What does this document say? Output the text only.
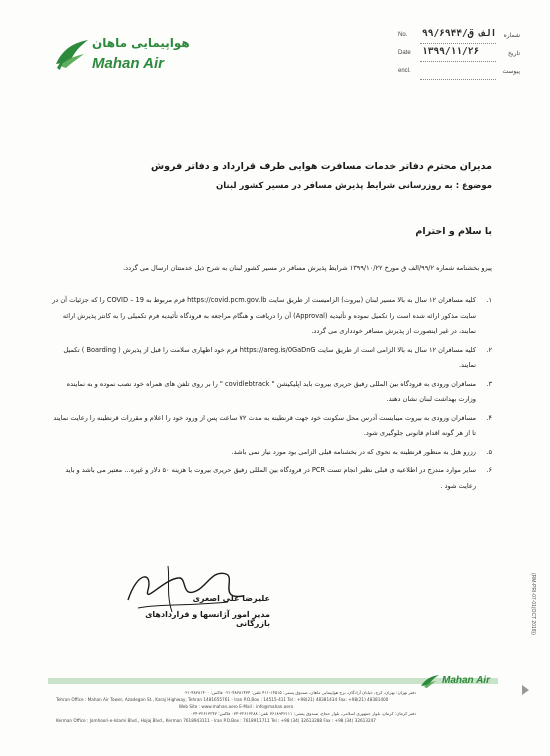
هواپیمایی ماهان
Mahan Air
No. ۹۹/۶۹۴۴/الف ق شماره
Date ۱۳۹۹/۱۱/۲۶	تاریخ
encl.	پیوست
مدیران محترم دفاتر خدمات مسافرت هوایی طرف قرارداد و دفاتر فروش
موضوع : به روزرسانی شرایط پذیرش مسافر در مسیر کشور لبنان
با سلام و احترام
پیرو بخشنامه شماره ۹۹/۲/الف ق مورخ ۱۳۹۹/۱۰/۲۲ شرایط پذیرش مسافر در مسیر کشور لبنان به شرح ذیل خدمتتان ارسال می گردد.
۱.
کلیه مسافران ۱۲ سال به بالا مسیر لبنان (بیروت) الزامیست از طریق سایت https://covid.pcm.gov.lb فرم مربوط به COVID – 19 را که جزئیات آن در سایت مذکور ارائه شده است را تکمیل نموده و تأئیدیه (Approval) آن را دریافت و هنگام مراجعه به فرودگاه تأئیدیه فرم تکمیلی را به کانتر پذیرش ارائه نمایند، در غیر اینصورت از پذیرش مسافر خودداری می گردد.
۲.
کلیه مسافران ۱۲ سال به بالا الزامی است از طریق سایت https://areg.is/0GaDnG فرم خود اظهاری سلامت را قبل از پذیرش ( Boarding ) تکمیل نمایند.
۳.
مسافران ورودی به فرودگاه بین المللی رفیق حریری بیروت باید اپلیکیشن " covidlebtrack " را بر روی تلفن های همراه خود نصب نموده و به نماینده وزارت بهداشت لبنان نشان دهند.
۴.
مسافران ورودی به بیروت میبایست آدرس محل سکونت خود جهت قرنطینه به مدت ۷۲ ساعت پس از ورود خود را اعلام و مقررات قرنطینه را رعایت نمایند تا از هر گونه اقدام قانونی جلوگیری شود.
۵.
رزرو هتل به منظور قرنطینه به نحوی که در بخشنامه قبلی الزامی بود مورد نیاز نمی باشد.
۶.
سایر موارد مندرج در اطلاعیه ی قبلی نظیر انجام تست PCR در فرودگاه بین المللی رفیق حریری بیروت با هزینه ۵۰ دلار و غیره... معتبر می باشد و باید رعایت شود .
علیرضا علی اصغری
مدیر امور آژانسها و قراردادهای بازرگانی	(RM-PRI-07-01(OCT 2018))
Mahan Air
دفتر تهران: تهران، کرج، خیابان آزادگان، برج هواپیمایی ماهان، صندوق پستی: ۱۴۵۱۵-۴۱۱ تلفن: ۴۸۳۸۱۴۳۴-۰۲۱ فاکس: ۴۸۳۸۱۴۰۰-۰۲۱
Tehran Office : Mahan Air Tower, Azadegan St., Karaj Highway, Tehran 1481655761 - Iran P.O.Box : 14515-411 Tel : +98(21) 48381434 Fax: +98(21) 48381400
Web Site : www.mahan.aero E-Mail : info@mahan.aero
دفتر کرمان: کرمان، بلوار جمهوری اسلامی، بلوار حجاج، صندوق پستی: ۷۶۱۸۹۴۳۱۱۱ تلفن: ۳۲۶۱۳۲۸۸-۰۳۴ فاکس: ۳۲۶۱۳۲۴۷-۰۳۴
Kerman Office : Jomhoori-e-Islami Blvd., Hojaj Blvd., Kerman 7618943111 - Iran P.O.Box : 7618911711 Tel : +98 (34) 32613288 Fax : +98 (34) 32613247
